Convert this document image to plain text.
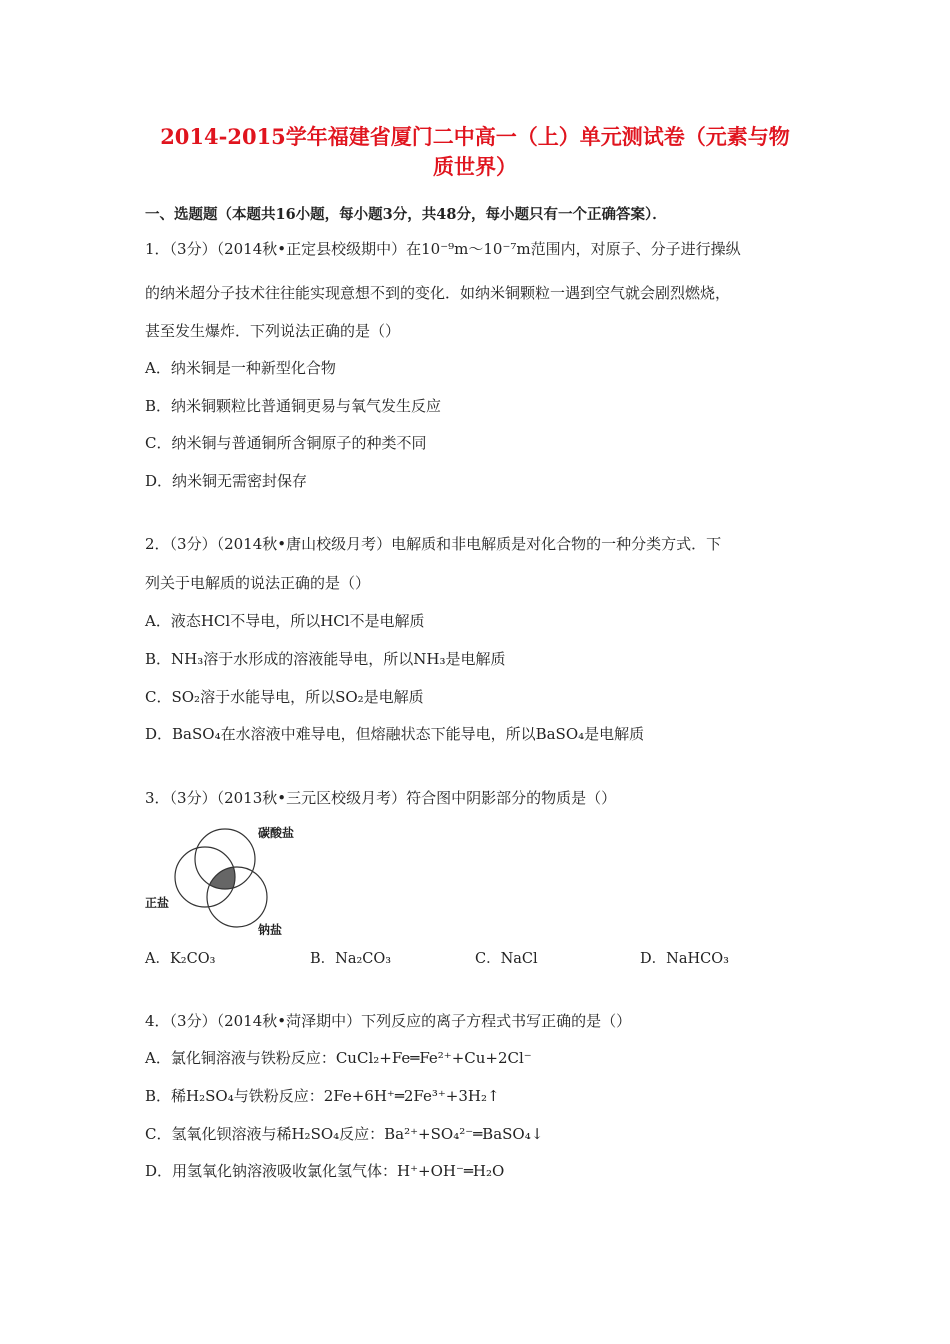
2014-2015学年福建省厦门二中高一（上）单元测试卷（元素与物
质世界）
一、选题题（本题共16小题，每小题3分，共48分，每小题只有一个正确答案）．
1．（3分）（2014秋•正定县校级期中）在10⁻⁹m～10⁻⁷m范围内，对原子、分子进行操纵
的纳米超分子技术往往能实现意想不到的变化．如纳米铜颗粒一遇到空气就会剧烈燃烧，
甚至发生爆炸．下列说法正确的是（）
A．纳米铜是一种新型化合物
B．纳米铜颗粒比普通铜更易与氧气发生反应
C．纳米铜与普通铜所含铜原子的种类不同
D．纳米铜无需密封保存
2．（3分）（2014秋•唐山校级月考）电解质和非电解质是对化合物的一种分类方式．下
列关于电解质的说法正确的是（）
A．液态HCl不导电，所以HCl不是电解质
B．NH₃溶于水形成的溶液能导电，所以NH₃是电解质
C．SO₂溶于水能导电，所以SO₂是电解质
D．BaSO₄在水溶液中难导电，但熔融状态下能导电，所以BaSO₄是电解质
3．（3分）（2013秋•三元区校级月考）符合图中阴影部分的物质是（）
碳酸盐
正盐
钠盐
A．K₂CO₃	B．Na₂CO₃	C．NaCl	D．NaHCO₃
4．（3分）（2014秋•菏泽期中）下列反应的离子方程式书写正确的是（）
A．氯化铜溶液与铁粉反应：CuCl₂+Fe═Fe²⁺+Cu+2Cl⁻
B．稀H₂SO₄与铁粉反应：2Fe+6H⁺═2Fe³⁺+3H₂↑
C．氢氧化钡溶液与稀H₂SO₄反应：Ba²⁺+SO₄²⁻═BaSO₄↓
D．用氢氧化钠溶液吸收氯化氢气体：H⁺+OH⁻═H₂O
